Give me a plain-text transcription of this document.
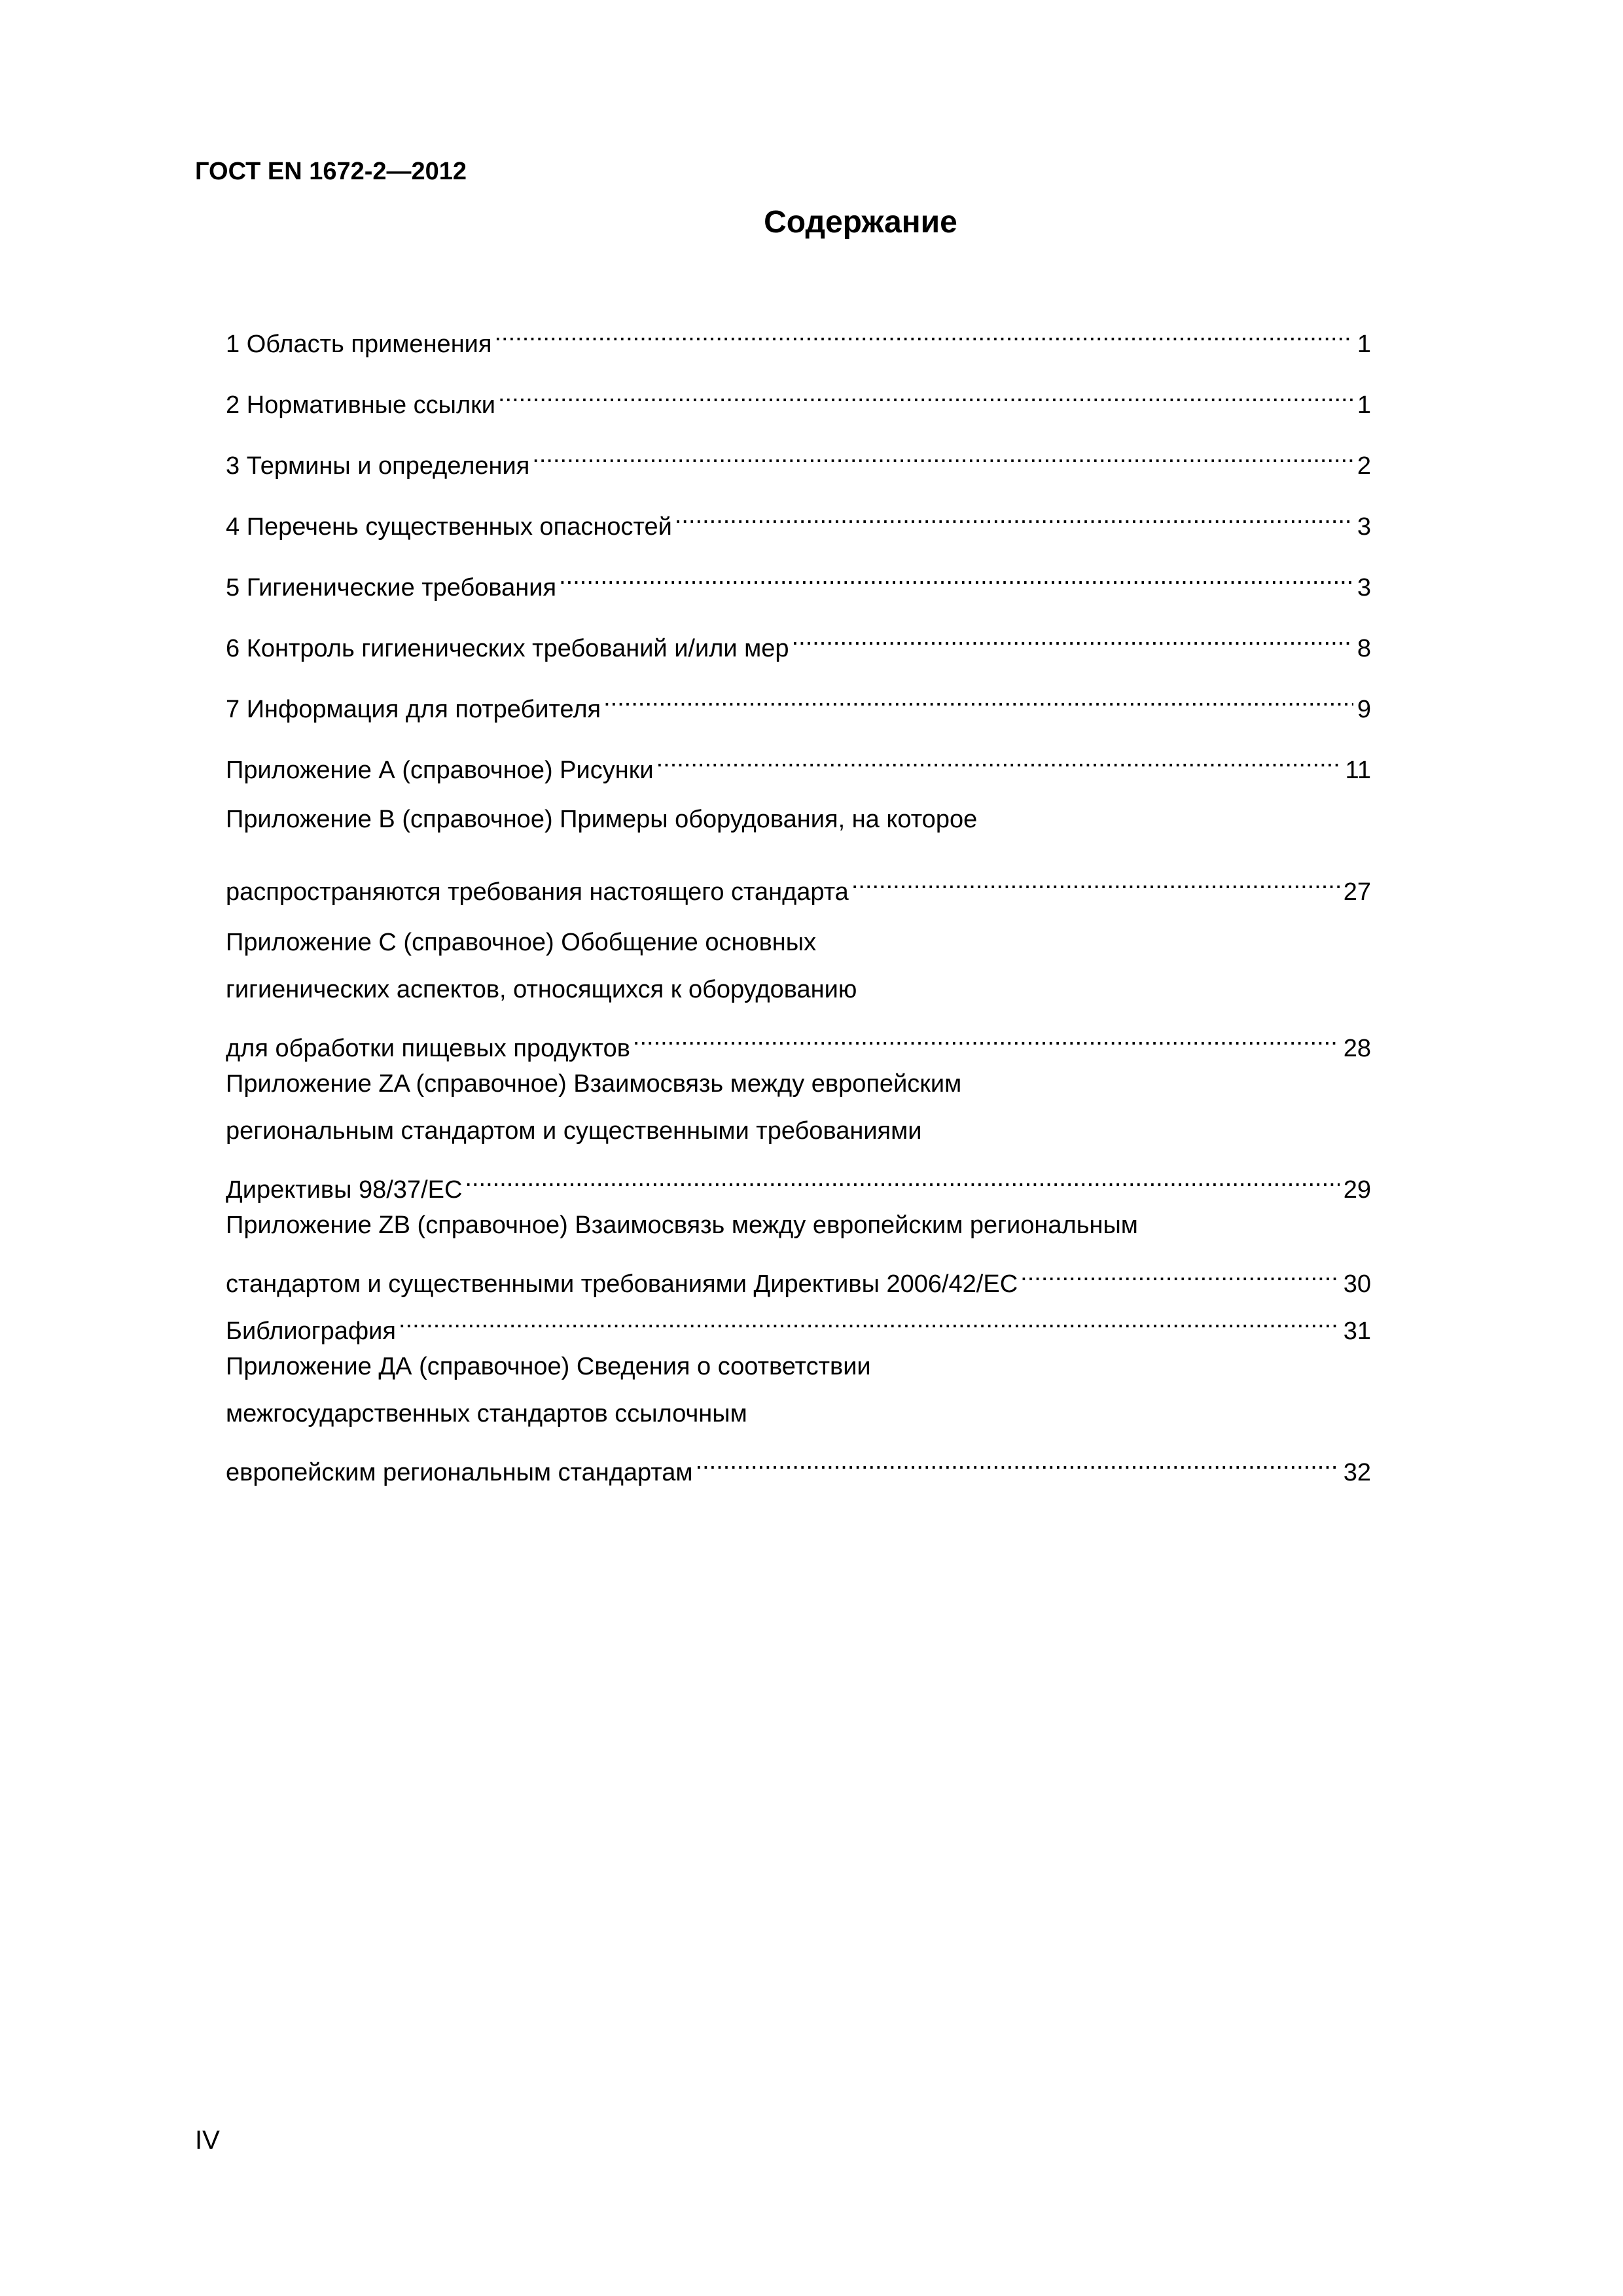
ГОСТ EN 1672-2—2012
Содержание
1 Область применения .....	1
2 Нормативные ссылки .....	1
3 Термины и определения .....	2
4 Перечень существенных опасностей .....	3
5 Гигиенические требования .....	3
6 Контроль гигиенических требований и/или мер .....	8
7 Информация для потребителя .....	9
Приложение А (справочное) Рисунки .....	11
Приложение В (справочное) Примеры оборудования, на которое
распространяются требования настоящего стандарта .....	27
Приложение С (справочное) Обобщение основных
гигиенических аспектов, относящихся к оборудованию
для обработки пищевых продуктов .....	28
Приложение ZA (справочное) Взаимосвязь между европейским
региональным стандартом и существенными требованиями
Директивы 98/37/ЕС .....	29
Приложение ZB (справочное) Взаимосвязь между европейским региональным
стандартом и существенными требованиями Директивы 2006/42/ЕС .....	30
Библиография .....	31
Приложение ДА (справочное) Сведения о соответствии
межгосударственных стандартов ссылочным
европейским региональным стандартам .....	32
IV
